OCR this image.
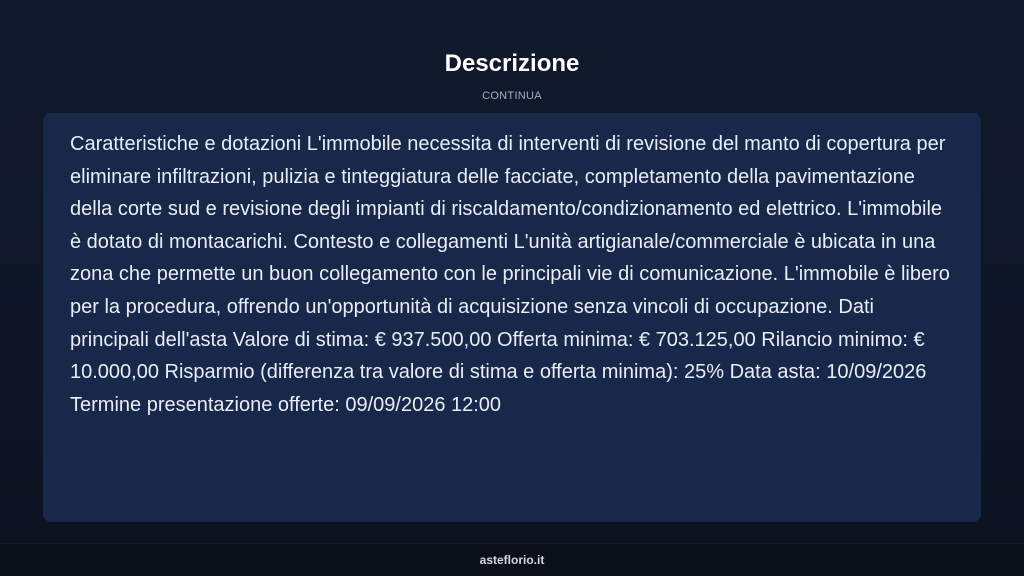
Descrizione
CONTINUA

Caratteristiche e dotazioni L'immobile necessita di interventi di revisione del manto di copertura per eliminare infiltrazioni, pulizia e tinteggiatura delle facciate, completamento della pavimentazione della corte sud e revisione degli impianti di riscaldamento/condizionamento ed elettrico. L'immobile è dotato di montacarichi. Contesto e collegamenti L'unità artigianale/commerciale è ubicata in una zona che permette un buon collegamento con le principali vie di comunicazione. L'immobile è libero per la procedura, offrendo un'opportunità di acquisizione senza vincoli di occupazione. Dati principali dell'asta Valore di stima: € 937.500,00 Offerta minima: € 703.125,00 Rilancio minimo: € 10.000,00 Risparmio (differenza tra valore di stima e offerta minima): 25% Data asta: 10/09/2026 Termine presentazione offerte: 09/09/2026 12:00

asteflorio.it
